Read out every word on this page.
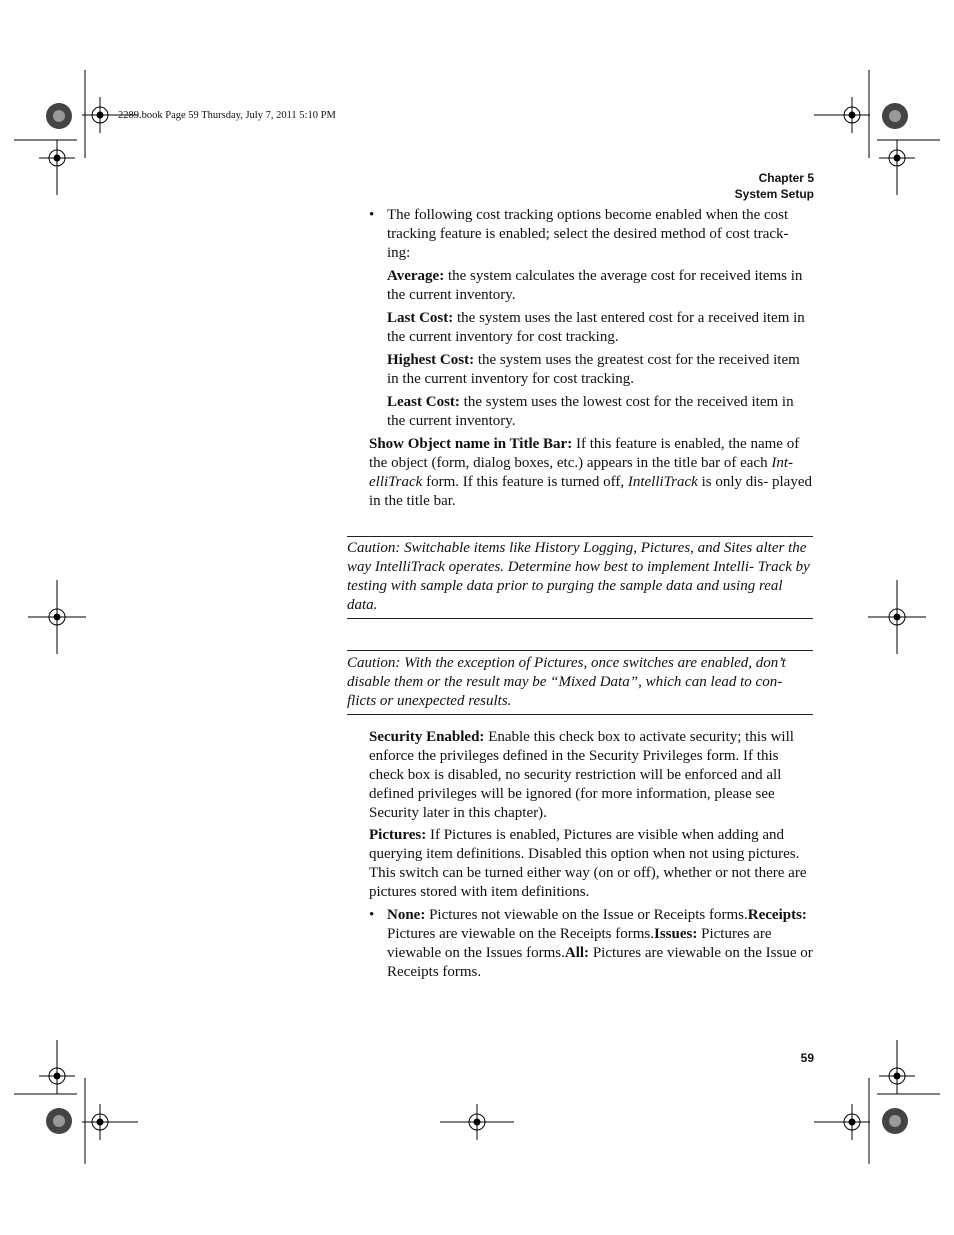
2289.book Page 59 Thursday, July 7, 2011 5:10 PM
Chapter 5
System Setup
• The following cost tracking options become enabled when the cost tracking feature is enabled; select the desired method of cost track- ing:

Average: the system calculates the average cost for received items in the current inventory.

Last Cost: the system uses the last entered cost for a received item in the current inventory for cost tracking.

Highest Cost: the system uses the greatest cost for the received item in the current inventory for cost tracking.

Least Cost: the system uses the lowest cost for the received item in the current inventory.

Show Object name in Title Bar: If this feature is enabled, the name of the object (form, dialog boxes, etc.) appears in the title bar of each Int- elliTrack form. If this feature is turned off, IntelliTrack is only dis- played in the title bar.
Caution: Switchable items like History Logging, Pictures, and Sites alter the way IntelliTrack operates. Determine how best to implement Intelli- Track by testing with sample data prior to purging the sample data and using real data.
Caution: With the exception of Pictures, once switches are enabled, don’t disable them or the result may be “Mixed Data”, which can lead to con- flicts or unexpected results.
Security Enabled: Enable this check box to activate security; this will enforce the privileges defined in the Security Privileges form. If this check box is disabled, no security restriction will be enforced and all defined privileges will be ignored (for more information, please see Security later in this chapter).
Pictures: If Pictures is enabled, Pictures are visible when adding and querying item definitions. Disabled this option when not using pictures. This switch can be turned either way (on or off), whether or not there are pictures stored with item definitions.
• None: Pictures not viewable on the Issue or Receipts forms.Receipts: Pictures are viewable on the Receipts forms.Issues: Pictures are viewable on the Issues forms.All: Pictures are viewable on the Issue or Receipts forms.
59
